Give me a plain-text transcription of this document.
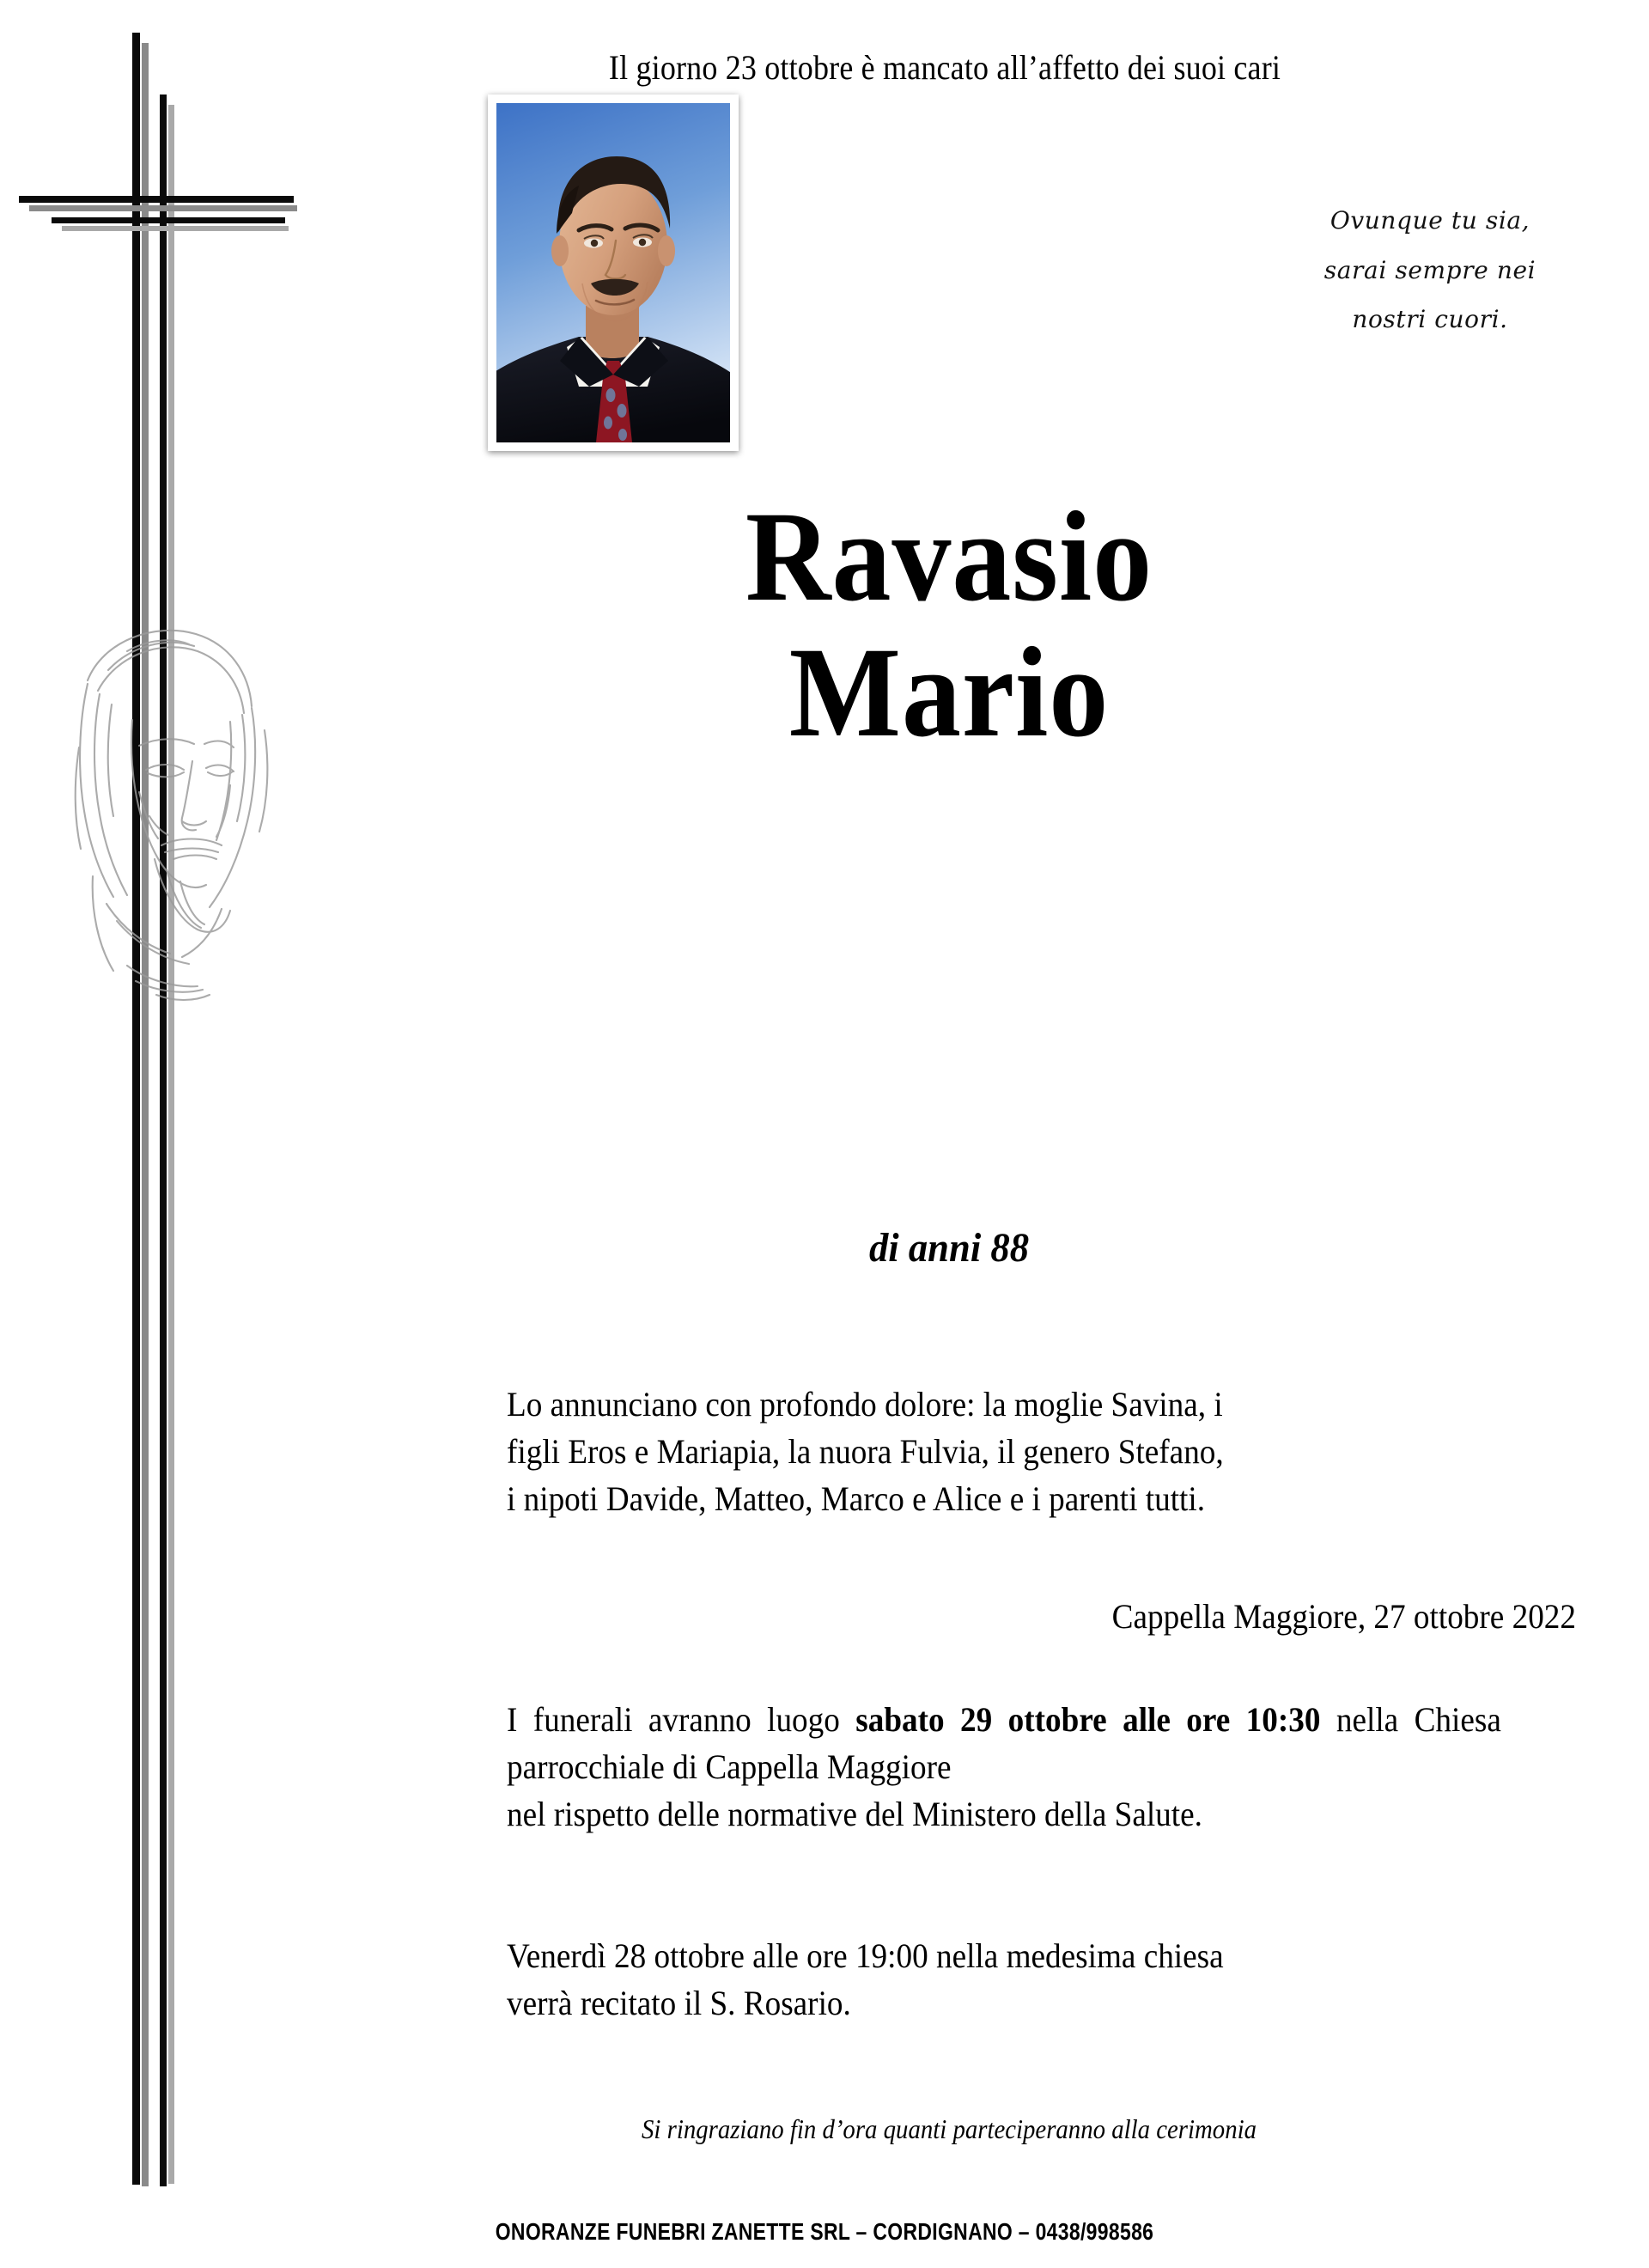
Il giorno 23 ottobre è mancato all’affetto dei suoi cari
Ovunque tu sia,
sarai sempre nei
nostri cuori.
Ravasio
Mario
di anni 88
Lo annunciano con profondo dolore: la moglie Savina, i
figli Eros e Mariapia, la nuora Fulvia, il genero Stefano,
i nipoti Davide, Matteo, Marco e Alice e i parenti tutti.
Cappella Maggiore, 27 ottobre 2022
I funerali avranno luogo sabato 29 ottobre alle ore 10:30 nella Chiesa parrocchiale di Cappella Maggiore
nel rispetto delle normative del Ministero della Salute.
Venerdì 28 ottobre alle ore 19:00 nella medesima chiesa
verrà recitato il S. Rosario.
Si ringraziano fin d’ora quanti parteciperanno alla cerimonia
ONORANZE FUNEBRI ZANETTE SRL – CORDIGNANO – 0438/998586
